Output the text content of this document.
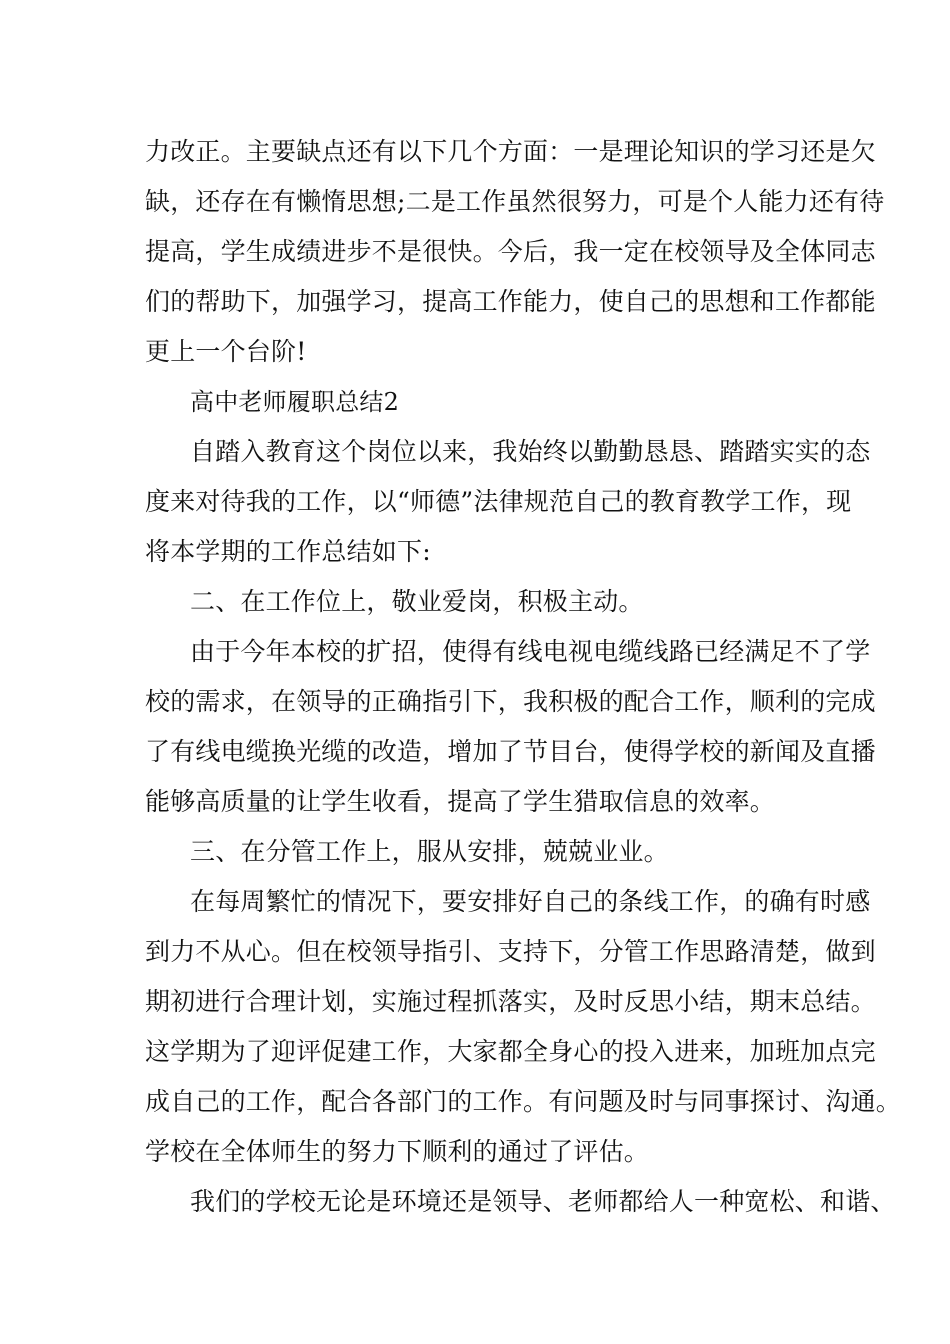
力改正。主要缺点还有以下几个方面：一是理论知识的学习还是欠
缺，还存在有懒惰思想;二是工作虽然很努力，可是个人能力还有待
提高，学生成绩进步不是很快。今后，我一定在校领导及全体同志
们的帮助下，加强学习，提高工作能力，使自己的思想和工作都能
更上一个台阶!
高中老师履职总结2
自踏入教育这个岗位以来，我始终以勤勤恳恳、踏踏实实的态
度来对待我的工作，以“师德”法律规范自己的教育教学工作，现
将本学期的工作总结如下:
二、在工作位上，敬业爱岗，积极主动。
由于今年本校的扩招，使得有线电视电缆线路已经满足不了学
校的需求，在领导的正确指引下，我积极的配合工作，顺利的完成
了有线电缆换光缆的改造，增加了节目台，使得学校的新闻及直播
能够高质量的让学生收看，提高了学生猎取信息的效率。
三、在分管工作上，服从安排，兢兢业业。
在每周繁忙的情况下，要安排好自己的条线工作，的确有时感
到力不从心。但在校领导指引、支持下，分管工作思路清楚，做到
期初进行合理计划，实施过程抓落实，及时反思小结，期末总结。
这学期为了迎评促建工作，大家都全身心的投入进来，加班加点完
成自己的工作，配合各部门的工作。有问题及时与同事探讨、沟通。
学校在全体师生的努力下顺利的通过了评估。
我们的学校无论是环境还是领导、老师都给人一种宽松、和谐、
